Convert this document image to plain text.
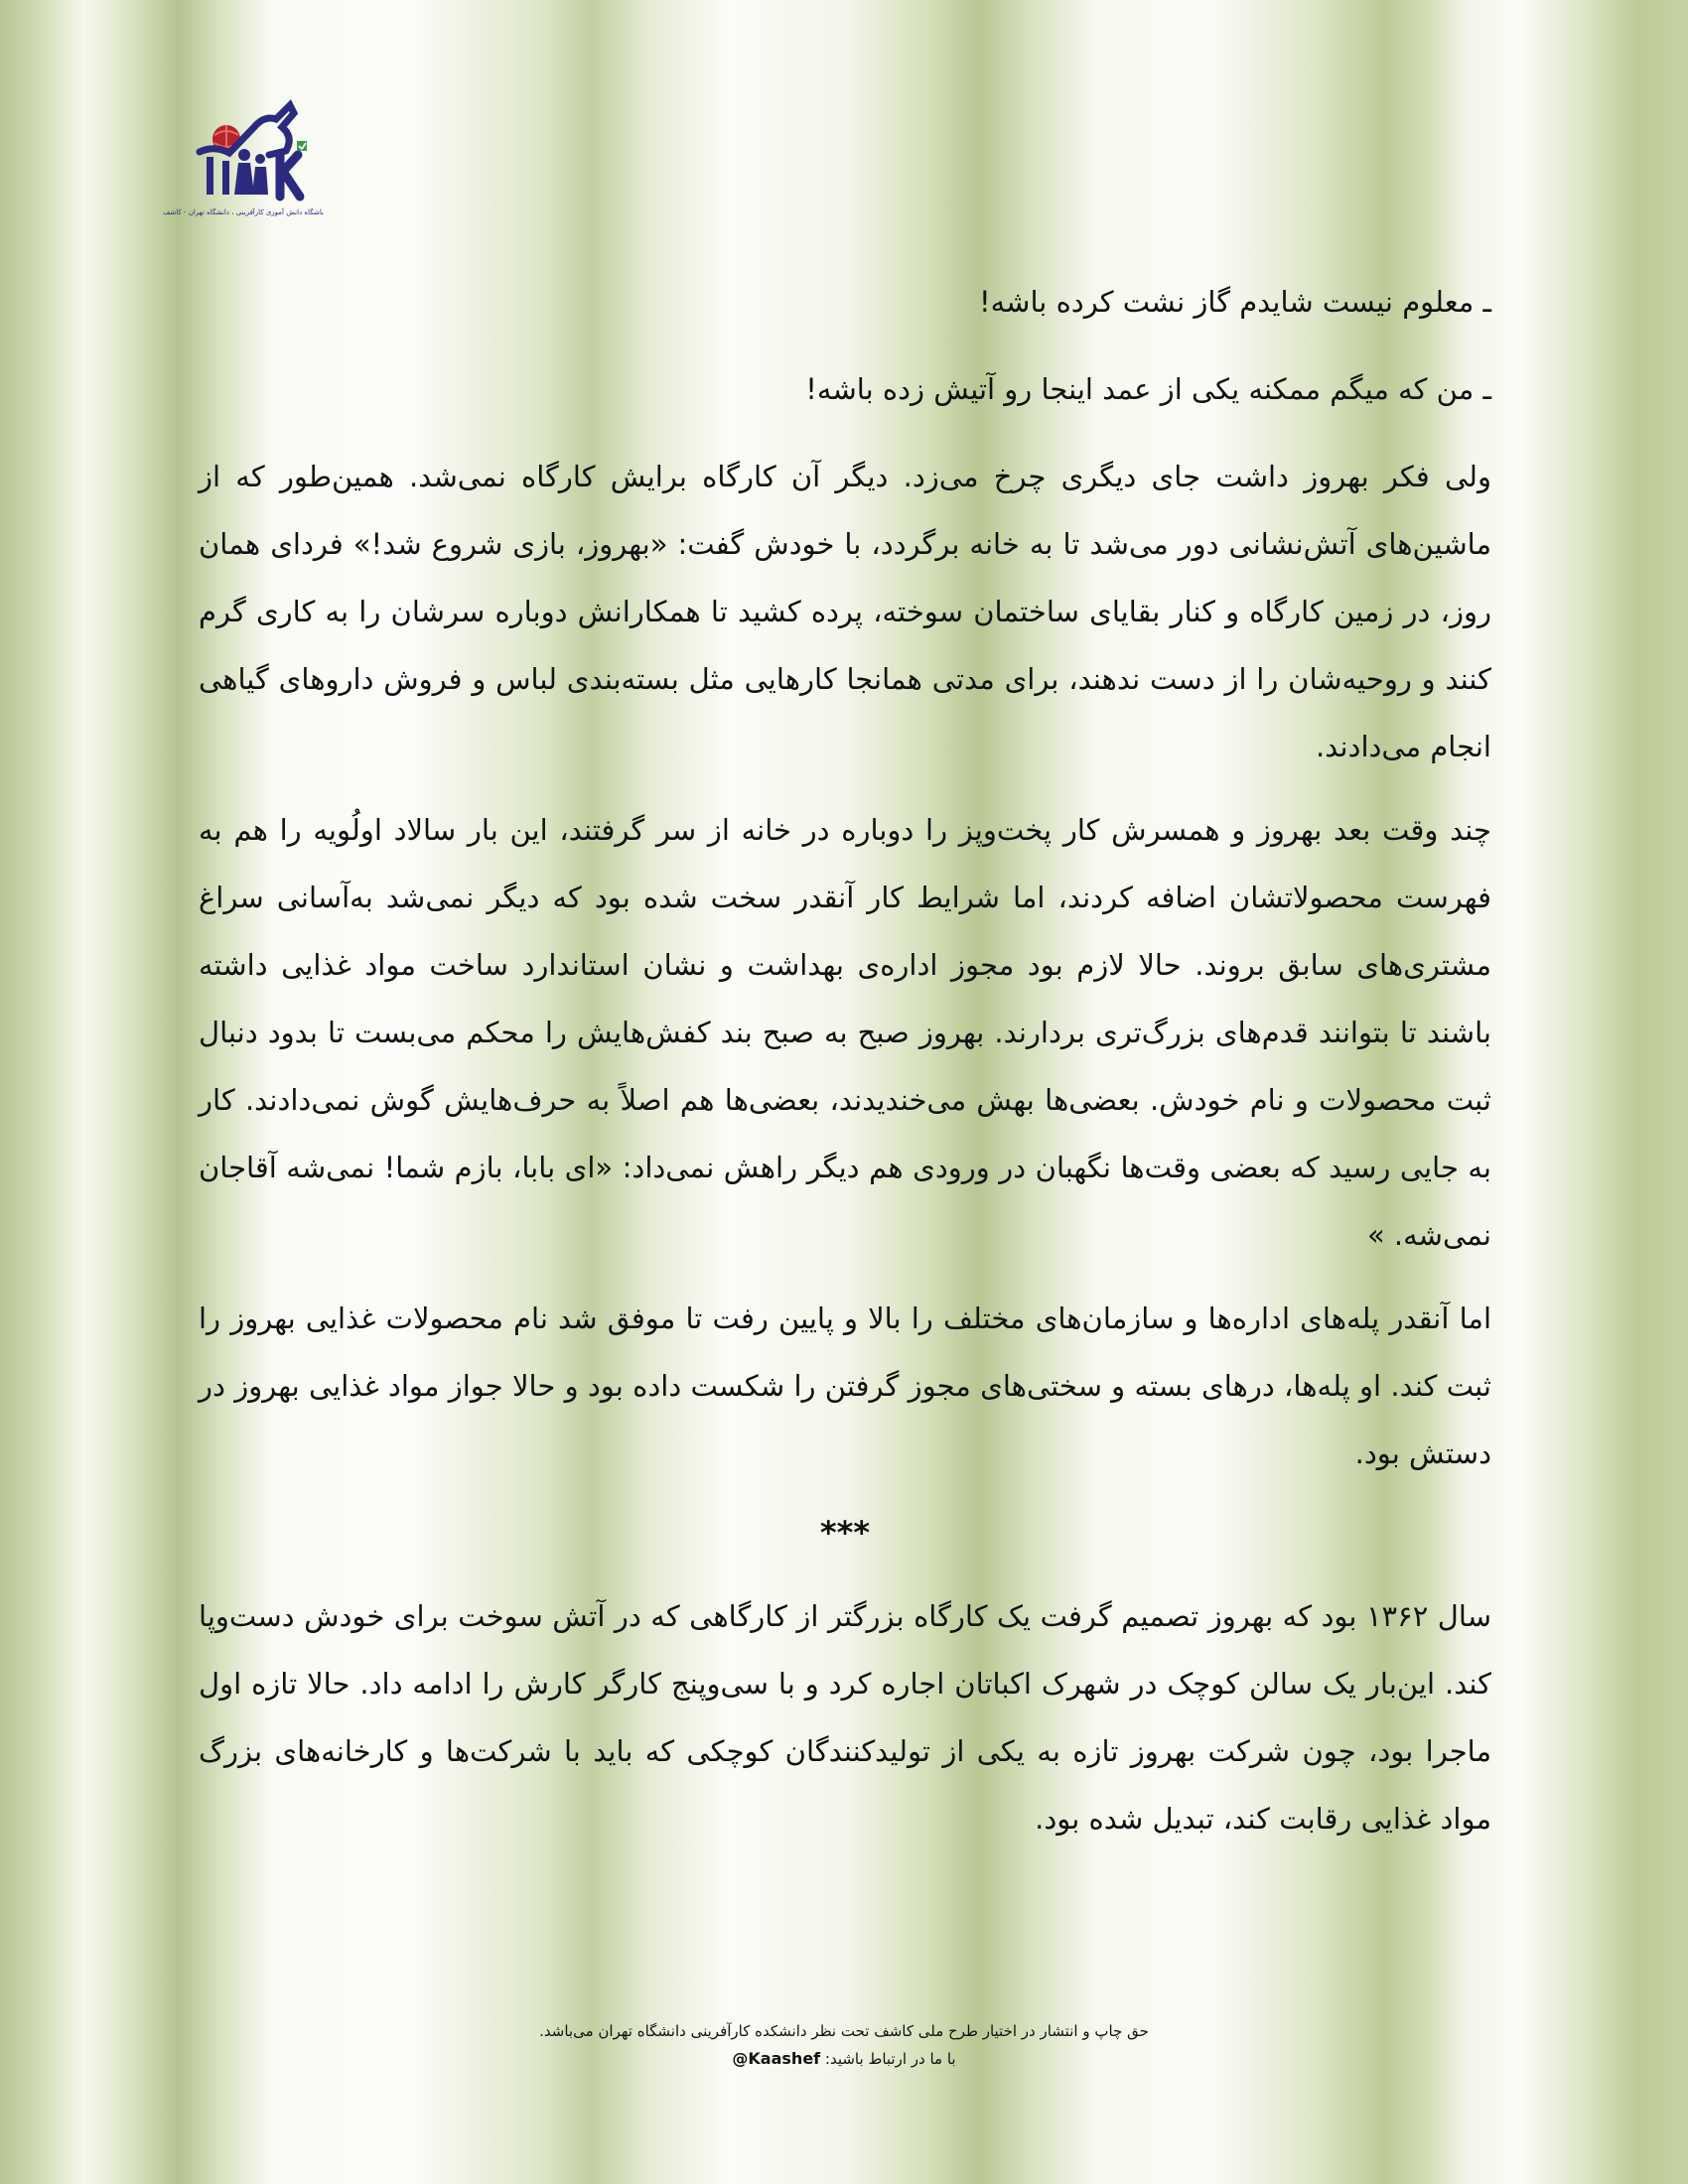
باشگاه دانش آموزی کارآفرینی ، دانشگاه تهران - کاشف

ـ معلوم نیست شایدم گاز نشت کرده باشه!

ـ من که میگم ممکنه یکی از عمد اینجا رو آتیش زده باشه!

ولی فکر بهروز داشت جای دیگری چرخ می‌زد. دیگر آن کارگاه برایش کارگاه نمی‌شد. همین‌طور که از ماشین‌های آتش‌نشانی دور می‌شد تا به خانه برگردد، با خودش گفت: «بهروز، بازی شروع شد!» فردای همان روز، در زمین کارگاه و کنار بقایای ساختمان سوخته، پرده کشید تا همکارانش دوباره سرشان را به کاری گرم کنند و روحیه‌شان را از دست ندهند، برای مدتی همانجا کارهایی مثل بسته‌بندی لباس و فروش داروهای گیاهی انجام می‌دادند.

چند وقت بعد بهروز و همسرش کار پخت‌وپز را دوباره در خانه از سر گرفتند، این بار سالاد اولُویه را هم به فهرست محصولاتشان اضافه کردند، اما شرایط کار آنقدر سخت شده بود که دیگر نمی‌شد به‌آسانی سراغ مشتری‌های سابق بروند. حالا لازم بود مجوز اداره‌ی بهداشت و نشان استاندارد ساخت مواد غذایی داشته باشند تا بتوانند قدم‌های بزرگ‌تری بردارند. بهروز صبح به صبح بند کفش‌هایش را محکم می‌بست تا بدود دنبال ثبت محصولات و نام خودش. بعضی‌ها بهش می‌خندیدند، بعضی‌ها هم اصلاً به حرف‌هایش گوش نمی‌دادند. کار به جایی رسید که بعضی وقت‌ها نگهبان در ورودی هم دیگر راهش نمی‌داد: «ای بابا، بازم شما! نمی‌شه آقاجان نمی‌شه. »

اما آنقدر پله‌های اداره‌ها و سازمان‌های مختلف را بالا و پایین رفت تا موفق شد نام محصولات غذایی بهروز را ثبت کند. او پله‌ها، درهای بسته و سختی‌های مجوز گرفتن را شکست داده بود و حالا جواز مواد غذایی بهروز در دستش بود.

***

سال ۱۳۶۲ بود که بهروز تصمیم گرفت یک کارگاه بزرگتر از کارگاهی که در آتش سوخت برای خودش دست‌وپا کند. این‌بار یک سالن کوچک در شهرک اکباتان اجاره کرد و با سی‌وپنج کارگر کارش را ادامه داد. حالا تازه اول ماجرا بود، چون شرکت بهروز تازه به یکی از تولیدکنندگان کوچکی که باید با شرکت‌ها و کارخانه‌های بزرگ مواد غذایی رقابت کند، تبدیل شده بود.

حق چاپ و انتشار در اختیار طرح ملی کاشف تحت نظر دانشکده کارآفرینی دانشگاه تهران می‌باشد.
با ما در ارتباط باشید: @Kaashef
